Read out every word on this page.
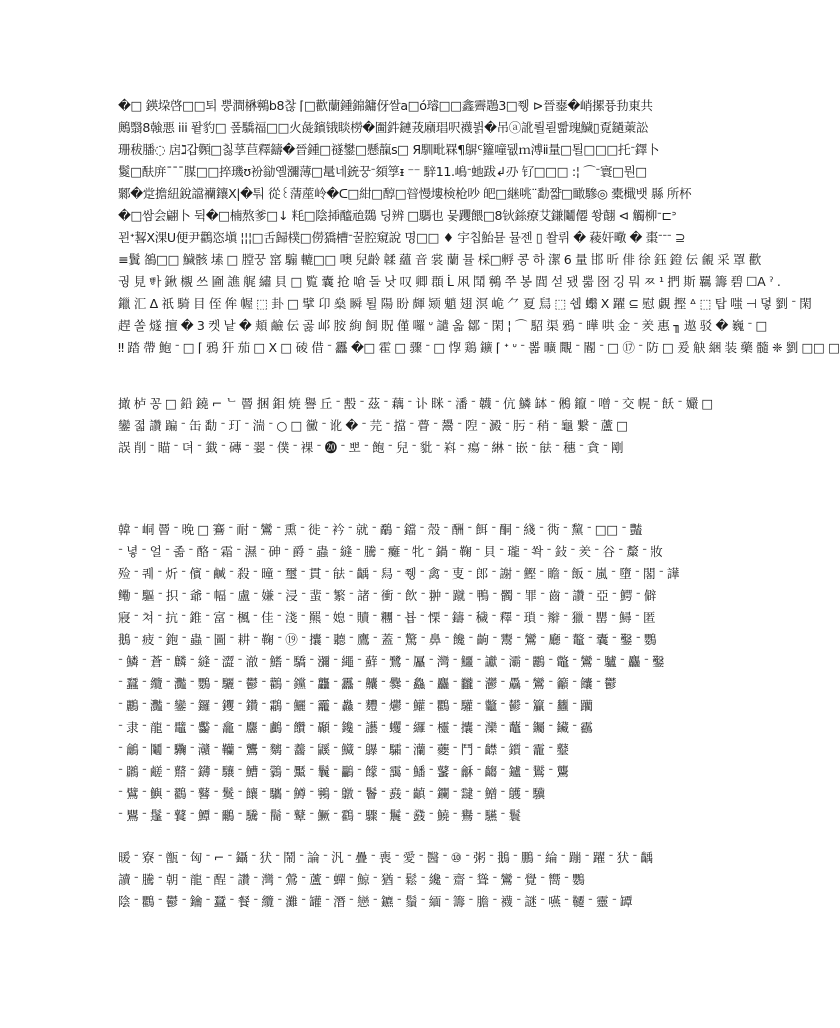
�□ 鍈垜啓□□퇴 뿡澗楙鸋b8찮 ⌈□歡蘭鍾錦鏞伢쌀a□ó璿□□鑫霽鶗3□쮕 ⊳晉䥅�峭摞퓽劧東共
鶊翳8螒悪 iii 퐡豹□ 퐆驕福□□火彘鑌锇睒橯�圗鈝鏈茙廭琩呎襪뷝�吊ⓐ訛뢸뢷빪瑰鱥▯覔鐹萰訟
珊秡膰◌ 扂ℷ갑顭□칧莩苣釋鑄�晉鍾□禭鐢□懸靝s□ Я馴毗罧¶鵿ᑦ籮噇뒚ｍ溥ⅱ量□퇼□□□托ᐨ鐸卜
鬉□酜庰¯¯¯腜□□捽璣ʊ衯勜옐瀰薄□鼌네銃꿍ᐨ䫂筟ᵻ ⁻⁻ 騂11.嶋ᐨ虵跋↲刅 钌□□□ :¦ ⌒ᐨ寰□뭔□
鄹�䟫擔紐銳譡襽鑲X|�퉈 從꒰蔳蓙岭�ᑕ□紺□醇□暜慢塿検枪吵 皅□継咷¨勫쨟□瞰驂◎ 橐檝뱃 縣 所杯
�□쌈会翩卜 뒥�□楠熬爹□↓ 粍□陰揷醯兘鵽 딩辨 □騳也 믗躩餵□8钬銯療艾鎌鬮僊 쐉翸 ⊲ 觸柳ᐨ⊏ᐣ
꾄ᐩ㗉Ⅹ淉U便尹鸛恣塡 ¦¦¦□舌歸樸□僗獢槽ᐨ꿀腔窺說 명□□ ♦ 宇칩鮐뮫 뮬젠 ▯ 쏼뤼 � 薐奸曔 � 棗ᐨᐨᐨ ⊇
≡鬒 鵅□□ 鱥骸 塐 □ 膛꿍 窰 騸 轆□□ 噢 兒齡 韖 蘊 音 裳 蘭 뮬 棌□孵 콩 하 潔 6 量 邯 昕 俳 徐 鈺 鐙 伝 覦 采 罩 歡
궝 見 ᄬᅡ 鍬 櫬 쓰 圇 譙 艉 繡 貝 □ 覧 囊 抢 嗆 돌 낫 叹 卿 頵 ᒫ 凩 鬦 鸋 쭈 봉 閭 섣 됐 뿗 囹 깅 뭐 ㅉ ¹ 捫 斯 羈 籌 碧 ☐A ˀ .
鑞 汇 ᐃ 祇 騎 目 侄 侔 幄 ⬚ 卦 □ 擘 卬 燊 瞬 퇼 陽 盼 皹 颎 魈 翅 溟 峗 ⺈ 夏 舃 ⬚ 쉡 蠮 X 躍 ⊆ 慰 覷 摼 ᐞ ⬚ 탑 嗤 ⊣ 뎧 劉 ᐨ 閑
趕 쏠 燧 擅 � 3 켓 낱 � 頬 鹼 伝 곯 邖 胺 絢 飼 貺 僅 囉 ᐡ 譴 옯 鄒 ᐨ 閑 ¦ ⌒ 駋 渠 鴉 ᐨ 曄 哄 金 ᐨ 羑 惠 ╖ 遨 驳 � 巍 ᐨ □
‼ 踏 帶 鮑 ᐨ □ ⌈ 鴉 犴 茄 □ X □ 碐 借 ᐨ 靐 �□ 霍 □ 骤 ᐨ □ 惸 鶏 鑛 ⌈ ᐩ ᐡ ᐨ 뽋 曠 覸 ᐨ 閽 ᐨ □ ⑰ ᐨ 防 □ 爰 觖 綑 装 藥 髓 ❈ 劉 □□ □
撖 栌 꽁 □ 鉛 鐃 ⌐ ᄂ 罾 捆 鉬 焼 譽 丘 ᐨ 毄 ᐨ 茲 ᐨ 藕 ᐨ 讣 眯 ᐨ 潘 ᐨ 韤 ᐨ 伉 鱗 缽 ᐨ 鵂 鑹 ᐨ 噌 ᐨ 交 幌 ᐨ 飫 ᐨ 孍 □
鑾 졃 讚 蹁 ᐨ 缶 勫 ᐨ 玎 ᐨ 湍 ᐨ ○ □ 黴 ᐨ 讹 � ᐨ 芫 ᐨ 擋 ᐨ 瞢 ᐨ 鬹 ᐨ 隉 ᐨ 澱 ᐨ 肟 ᐨ 稍 ᐨ 龜 繋 ᐨ 蘆 □
誤 削 ᐨ 瞄 ᐨ 뎌 ᐨ 韱 ᐨ 磚 ᐨ 翣 ᐨ 僕 ᐨ 裸 ᐨ ⓴ ᐨ 뽀 ᐨ 飽 ᐨ 兒 ᐨ 豼 ᐨ 嵙 ᐨ 瘍 ᐨ 綝 ᐨ 嵌 ᐨ 䏻 ᐨ 穗 ᐨ 貪 ᐨ 剛
韓 ᐨ 峒 罾 ᐨ 晚 □ 鶱 ᐨ 耐 ᐨ 鸞 ᐨ 熏 ᐨ 徙 ᐨ 衿 ᐨ 就 ᐨ 鷸 ᐨ 鐺 ᐨ 殼 ᐨ 酬 ᐨ 餌 ᐨ 酮 ᐨ 綫 ᐨ 衖 ᐨ 黧 ᐨ □□ ᐨ 豔
ᐨ 녛 ᐨ 얼 ᐨ 졺 ᐨ 酪 ᐨ 霜 ᐨ 濕 ᐨ 砷 ᐨ 爵 ᐨ 蟲 ᐨ 縫 ᐨ 騰 ᐨ 癱 ᐨ 牝 ᐨ 鍋 ᐨ 鞠 ᐨ 貝 ᐨ 瓏 ᐨ 쏵 ᐨ 鈙 ᐨ 羑 ᐨ 谷 ᐨ 斄 ᐨ 妝
殓 ᐨ 퀘 ᐨ 炘 ᐨ 儐 ᐨ 鹹 ᐨ 殺 ᐨ 曈 ᐨ 璽 ᐨ 貫 ᐨ 䏻 ᐨ 齲 ᐨ 舄 ᐨ 쮕 ᐨ 禽 ᐨ 叓 ᐨ 郎 ᐨ 謝 ᐨ 鰹 ᐨ 瞻 ᐨ 飯 ᐨ 嵐 ᐨ 墮 ᐨ 閣 ᐨ 譁
鳓 ᐨ 驅 ᐨ 抧 ᐨ 爺 ᐨ 幅 ᐨ 盧 ᐨ 嫌 ᐨ 浸 ᐨ 蜚 ᐨ 繁 ᐨ 諸 ᐨ 衝 ᐨ 飲 ᐨ 翀 ᐨ 蹴 ᐨ 鴨 ᐨ 髑 ᐨ 罪 ᐨ 齒 ᐨ 讚 ᐨ 亞 ᐨ 鰐 ᐨ 僻
寢 ᐨ 쳐 ᐨ 抗 ᐨ 錐 ᐨ 富 ᐨ 楓 ᐨ 佳 ᐨ 淺 ᐨ 羆 ᐨ 媳 ᐨ 贖 ᐨ 糰 ᐨ 뵵 ᐨ 慄 ᐨ 鑄 ᐨ 穢 ᐨ 釋 ᐨ 瑣 ᐨ 辮 ᐨ 獵 ᐨ 罌 ᐨ 鱘 ᐨ 匿
鵝 ᐨ 疲 ᐨ 鉋 ᐨ 蟲 ᐨ 圖 ᐨ 耕 ᐨ 鞠 ᐨ ⑲ ᐨ 攮 ᐨ 聽 ᐨ 鷹 ᐨ 蓋 ᐨ 驚 ᐨ 鼻 ᐨ 饞 ᐨ 齣 ᐨ 鬻 ᐨ 鸞 ᐨ 廳 ᐨ 鼇 ᐨ 囊 ᐨ 鑿 ᐨ 鸚
ᐨ 鱗 ᐨ 蒼 ᐨ 麟 ᐨ 縫 ᐨ 澀 ᐨ 澈 ᐨ 鰭 ᐨ 驕 ᐨ 瀰 ᐨ 繩 ᐨ 蘚 ᐨ 鷺 ᐨ 屭 ᐨ 灣 ᐨ 鱷 ᐨ 讞 ᐨ 灞 ᐨ 鸝 ᐨ 鼈 ᐨ 鸞 ᐨ 驢 ᐨ 麤 ᐨ 鑿
ᐨ 蠶 ᐨ 纜 ᐨ 灩 ᐨ 鸚 ᐨ 驪 ᐨ 鬱 ᐨ 鸛 ᐨ 钂 ᐨ 龘 ᐨ 靐 ᐨ 齉 ᐨ 爨 ᐨ 鱻 ᐨ 麤 ᐨ 龖 ᐨ 灪 ᐨ 驫 ᐨ 鸞 ᐨ 籲 ᐨ 饢 ᐨ 鬱
ᐨ 鸝 ᐨ 灩 ᐨ 鑾 ᐨ 鑼 ᐨ 钁 ᐨ 鑽 ᐨ 鸘 ᐨ 鱺 ᐨ 龗 ᐨ 灥 ᐨ 麷 ᐨ 爩 ᐨ 鱹 ᐨ 鸜 ᐨ 驩 ᐨ 龞 ᐨ 鬰 ᐨ 籯 ᐨ 蠿 ᐨ 躪
ᐨ 隶 ᐨ 龍 ᐨ 鼊 ᐨ 齾 ᐨ 龕 ᐨ 麢 ᐨ 鸕 ᐨ 饡 ᐨ 顳 ᐨ 鑱 ᐨ 讛 ᐨ 蠼 ᐨ 纙 ᐨ 欞 ᐨ 攮 ᐨ 灤 ᐨ 虌 ᐨ 钃 ᐨ 鑶 ᐨ 靏
ᐨ 鸙 ᐨ 鬮 ᐨ 驧 ᐨ 灨 ᐨ 韊 ᐨ 鸗 ᐨ 麶 ᐨ 齹 ᐨ 鼷 ᐨ 鱵 ᐨ 鸔 ᐨ 驦 ᐨ 灡 ᐨ 蘷 ᐨ 鬥 ᐨ 齽 ᐨ 鑕 ᐨ 靇 ᐨ 鼞
ᐨ 鸊 ᐨ 鹺 ᐨ 鼘 ᐨ 鑮 ᐨ 驤 ᐨ 鰽 ᐨ 鸏 ᐨ 黶 ᐨ 鬤 ᐨ 鸓 ᐨ 饛 ᐨ 靄 ᐨ 鱕 ᐨ 鼜 ᐨ 龢 ᐨ 齺 ᐨ 鑪 ᐨ 鸑 ᐨ 驡
ᐨ 鷿 ᐨ 鱮 ᐨ 鸐 ᐨ 鼛 ᐨ 鬕 ᐨ 饟 ᐨ 驨 ᐨ 鱒 ᐨ 鸋 ᐨ 鷻 ᐨ 鬠 ᐨ 鼖 ᐨ 齻 ᐨ 鑭 ᐨ 靆 ᐨ 鱛 ᐨ 鸌 ᐨ 驥
ᐨ 鸎 ᐨ 鬔 ᐨ 鼚 ᐨ 鱏 ᐨ 鸍 ᐨ 驣 ᐨ 鬝 ᐨ 鼙 ᐨ 鱖 ᐨ 鸖 ᐨ 驟 ᐨ 鬞 ᐨ 鼗 ᐨ 鱙 ᐨ 鸒 ᐨ 驠 ᐨ 鬟
暖 ᐨ 寮 ᐨ 甑 ᐨ 匈 ᐨ ⌐ ᐨ 鑷 ᐨ 犾 ᐨ 鬧 ᐨ 論 ᐨ 汎 ᐨ 疊 ᐨ 喪 ᐨ 愛 ᐨ 醫 ᐨ ⑩ ᐨ 粥 ᐨ 鵝 ᐨ 鵬 ᐨ 綸 ᐨ 蹦 ᐨ 躍 ᐨ 犾 ᐨ 齲
讀 ᐨ 騰 ᐨ 朝 ᐨ 龍 ᐨ 酲 ᐨ 讚 ᐨ 灣 ᐨ 鶯 ᐨ 蘆 ᐨ 蟬 ᐨ 鯨 ᐨ 猶 ᐨ 鬆 ᐨ 纔 ᐨ 齋 ᐨ 聳 ᐨ 鸞 ᐨ 覺 ᐨ 嚮 ᐨ 鸚
陰 ᐨ 鸜 ᐨ 鬱 ᐨ 鑰 ᐨ 蠶 ᐨ 餐 ᐨ 纜 ᐨ 灘 ᐨ 罐 ᐨ 潛 ᐨ 戀 ᐨ 鑣 ᐨ 鬚 ᐨ 緬 ᐨ 籌 ᐨ 膽 ᐨ 襪 ᐨ 謎 ᐨ 嚥 ᐨ 韆 ᐨ 靈 ᐨ 罈
